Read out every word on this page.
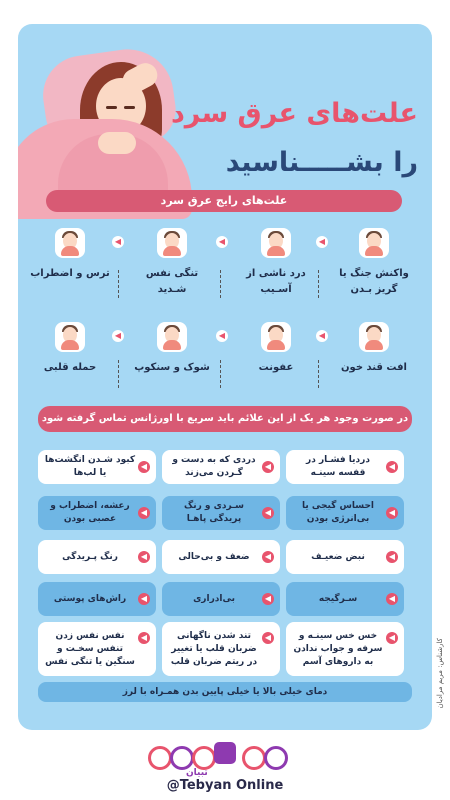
علت‌های عرق سرد
را بشـــــناسید
علت‌های رایج عرق سرد
واکنش جنگ یا گریز بـدن
◀
درد ناشی از آسـیب
◀
تنگی نفس شـدید
◀
ترس و اضطراب
افت قند خون
◀
عفونت
◀
شوک و سنکوپ
◀
حمله قلبی
در صورت وجود هر یک از این علائم باید سریع با اورژانس تماس گرفته شود
◀
دردیا فشـار در قفسه سینـه
◀
دردی که به دست و گـردن می‌زند
◀
کبود شـدن انگشت‌ها یا لب‌ها
◀
احساس گیجی یا بی‌انرژی بودن
◀
سـردی و رنگ پریدگی پاهـا
◀
رعشه، اضطراب و عصبی بودن
◀
نبض ضعیـف
◀
ضعف و بی‌حالی
◀
رنگ پـریدگی
◀
سـرگیجه
◀
بی‌ادراری
◀
راش‌های پوستی
◀
خس خس سینـه و سرفه و جواب ندادن به داروهای آسم
◀
تند شدن ناگهانی ضربان قلب یا تغییر در ریتم ضربان قلب
◀
نفس نفس زدن تنفس سخـت و سنگین یا تنگی نفس
دمای خیلی بالا یا خیلی پایین بدن همـراه با لرز	کارشناس: مریم مرادیان
تبیان
@Tebyan Online
